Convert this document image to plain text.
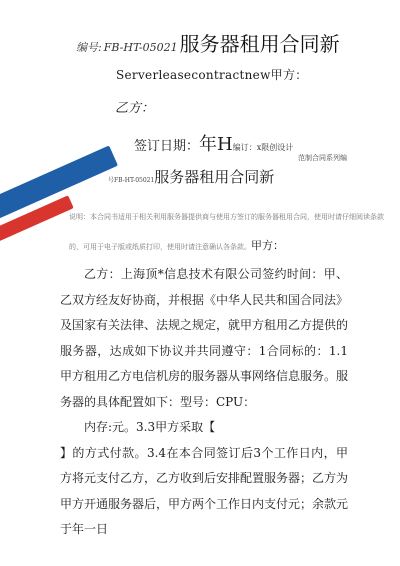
编号: FB-HT-05021 服务器租用合同新
Serverleasecontractnew甲方：
乙方：
签订日期：年H编订：x限创设计
范制合同系列编
号FB-HT-05021服务器租用合同新
说明：本合同书适用于相关利用服务器提供商与使用方签订的服务器租用合同，使用时请仔细阅读条款
的，可用于电子版或纸质打印，使用时请注意确认各条款。甲方：

乙方：上海顶*信息技术有限公司签约时间：甲、乙双方经友好协商，并根据《中华人民共和国合同法》及国家有关法律、法规之规定，就甲方租用乙方提供的服务器，达成如下协议并共同遵守：1合同标的：1.1甲方租用乙方电信机房的服务器从事网络信息服务。服务器的具体配置如下：型号：CPU：

内存:元。3.3甲方采取【

】的方式付款。3.4在本合同签订后3个工作日内，甲方将元支付乙方，乙方收到后安排配置服务器；乙方为甲方开通服务器后，甲方两个工作日内支付元；余款元于年一日
